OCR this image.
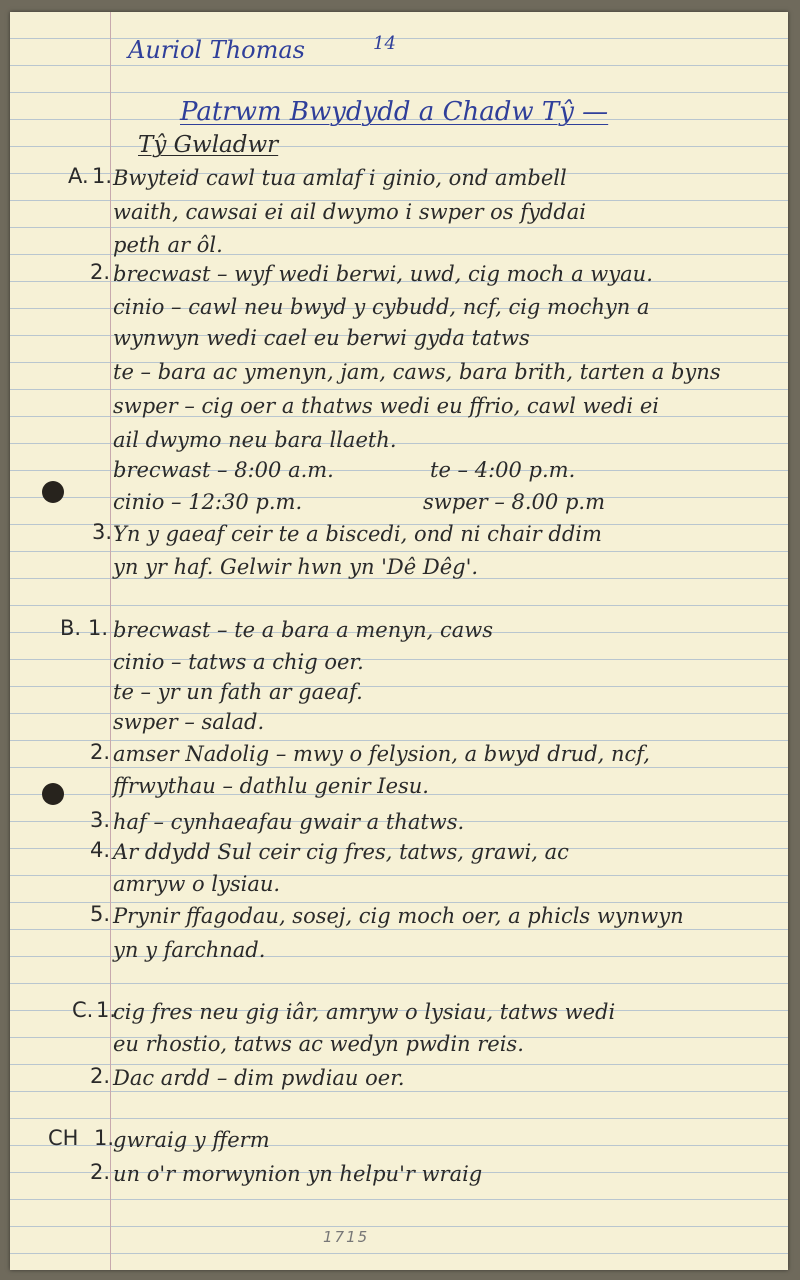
Auriol Thomas	14
Patrwm Bwydydd a Chadw Tŷ —
Tŷ Gwladwr
A. 1. Bwyteid cawl tua amlaf i ginio, ond ambell
waith, cawsai ei ail dwymo i swper os fyddai
peth ar ôl.
2. brecwast – wyf wedi berwi, uwd, cig moch a wyau.
cinio – cawl neu bwyd y cybudd, ncf, cig mochyn a
wynwyn wedi cael eu berwi gyda tatws
te – bara ac ymenyn, jam, caws, bara brith, tarten a byns
swper – cig oer a thatws wedi eu ffrio, cawl wedi ei
ail dwymo neu bara llaeth.
brecwast – 8:00 a.m.	te – 4:00 p.m.
cinio – 12:30 p.m.	swper – 8.00 p.m
3. Yn y gaeaf ceir te a biscedi, ond ni chair ddim
yn yr haf. Gelwir hwn yn 'Dê Dêg'.
B. 1. brecwast – te a bara a menyn, caws
cinio – tatws a chig oer.
te – yr un fath ar gaeaf.
swper – salad.
2. amser Nadolig – mwy o felysion, a bwyd drud, ncf,
ffrwythau – dathlu genir Iesu.
3. haf – cynhaeafau gwair a thatws.
4. Ar ddydd Sul ceir cig fres, tatws, grawi, ac
amryw o lysiau.
5. Prynir ffagodau, sosej, cig moch oer, a phicls wynwyn
yn y farchnad.
C. 1.
cig fres neu gig iâr, amryw o lysiau, tatws wedi
eu rhostio, tatws ac wedyn pwdin reis.
2. Dac ardd – dim pwdiau oer.
CH 1.
gwraig y fferm
2. un o'r morwynion yn helpu'r wraig
1715
